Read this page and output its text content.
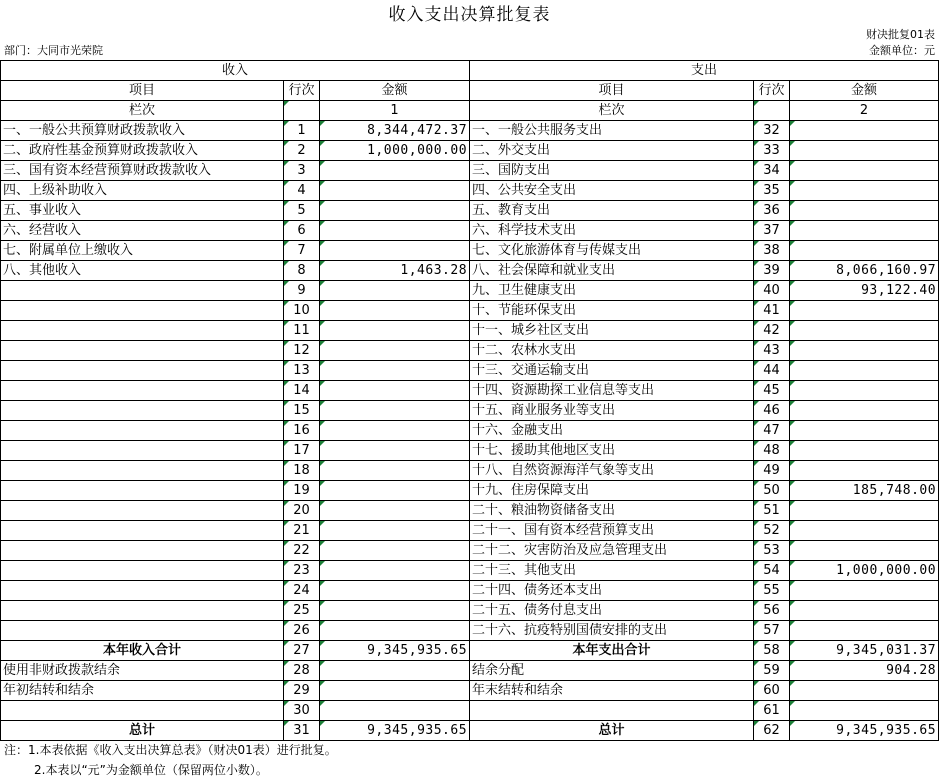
收入支出决算批复表
财决批复01表
部门：大同市光荣院	金额单位：元
收入			支出		
项目	行次	金额	项目	行次	金额
栏次		1	栏次		2
一、一般公共预算财政拨款收入	1	8,344,472.37	一、一般公共服务支出	32	
二、政府性基金预算财政拨款收入	2	1,000,000.00	二、外交支出	33	
三、国有资本经营预算财政拨款收入	3		三、国防支出	34	
四、上级补助收入	4		四、公共安全支出	35	
五、事业收入	5		五、教育支出	36	
六、经营收入	6		六、科学技术支出	37	
七、附属单位上缴收入	7		七、文化旅游体育与传媒支出	38	
八、其他收入	8	1,463.28	八、社会保障和就业支出	39	8,066,160.97
	9		九、卫生健康支出	40	93,122.40
	10		十、节能环保支出	41	
	11		十一、城乡社区支出	42	
	12		十二、农林水支出	43	
	13		十三、交通运输支出	44	
	14		十四、资源勘探工业信息等支出	45	
	15		十五、商业服务业等支出	46	
	16		十六、金融支出	47	
	17		十七、援助其他地区支出	48	
	18		十八、自然资源海洋气象等支出	49	
	19		十九、住房保障支出	50	185,748.00
	20		二十、粮油物资储备支出	51	
	21		二十一、国有资本经营预算支出	52	
	22		二十二、灾害防治及应急管理支出	53	
	23		二十三、其他支出	54	1,000,000.00
	24		二十四、债务还本支出	55	
	25		二十五、债务付息支出	56	
	26		二十六、抗疫特别国债安排的支出	57	
本年收入合计	27	9,345,935.65	本年支出合计	58	9,345,031.37
使用非财政拨款结余	28		结余分配	59	904.28
年初结转和结余	29		年末结转和结余	60	
	30			61	
总计	31	9,345,935.65	总计	62	9,345,935.65
注：1.本表依据《收入支出决算总表》（财决01表）进行批复。
2.本表以“元”为金额单位（保留两位小数）。
